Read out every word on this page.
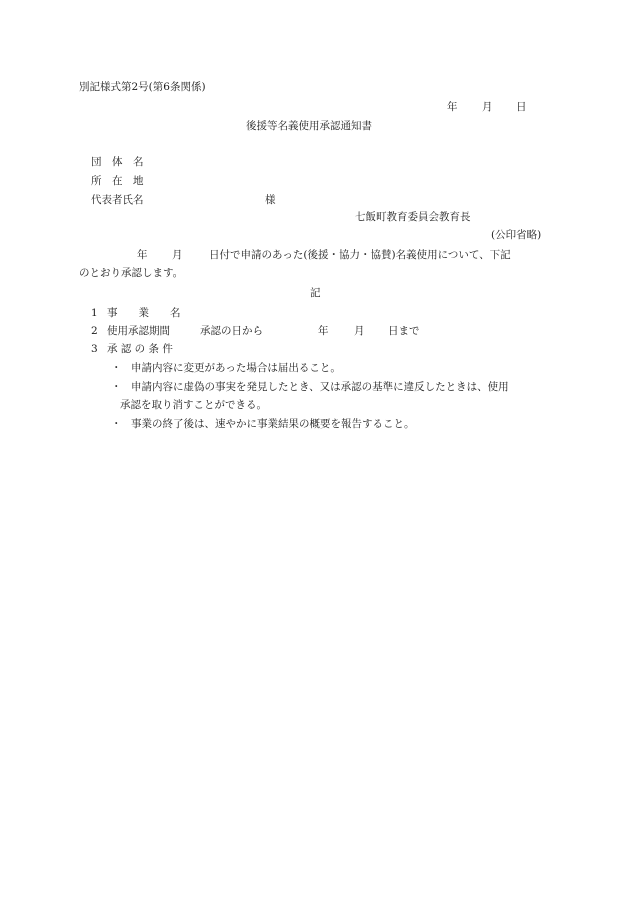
別記様式第2号(第6条関係)
年 月 日
後援等名義使用承認通知書
団　体　名
所　在　地
代表者氏名	様
七飯町教育委員会教育長
(公印省略)
年 月	日付で申請のあった(後援・協力・協賛)名義使用について、下記
のとおり承認します。
記
1 事　　業　　名
2 使用承認期間	承認の日から	年 月 日まで
3 承 認 の 条 件
・ 申請内容に変更があった場合は届出ること。
・ 申請内容に虚偽の事実を発見したとき、又は承認の基準に違反したときは、使用
承認を取り消すことができる。
・ 事業の終了後は、速やかに事業結果の概要を報告すること。
